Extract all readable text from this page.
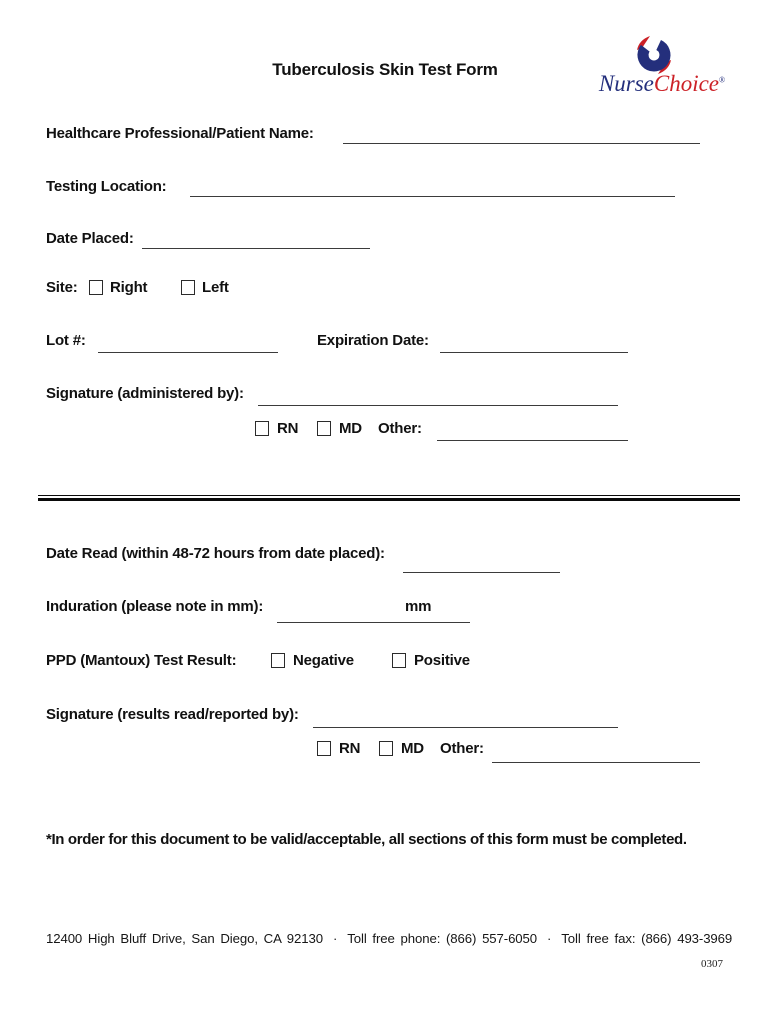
Tuberculosis Skin Test Form
NurseChoice®
Healthcare Professional/Patient Name:
Testing Location:
Date Placed:
Site: Right	Left
Lot #:	Expiration Date:
Signature (administered by):
RN	MD Other:
Date Read (within 48-72 hours from date placed):
Induration (please note in mm):	mm
PPD (Mantoux) Test Result:	Negative	Positive
Signature (results read/reported by):
RN	MD Other:
*In order for this document to be valid/acceptable, all sections of this form must be completed.
12400 High Bluff Drive, San Diego, CA 92130 · Toll free phone: (866) 557-6050 · Toll free fax: (866) 493-3969
0307
